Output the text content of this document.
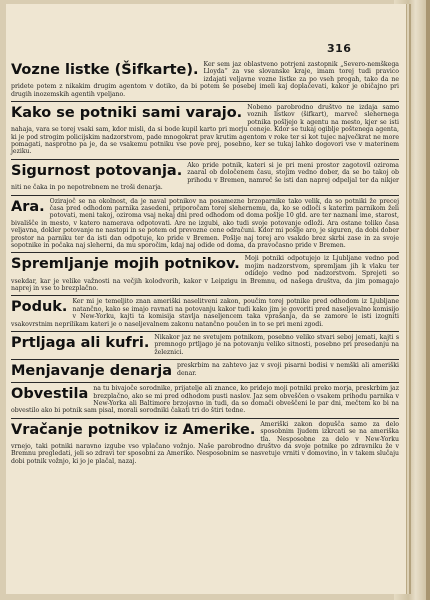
316
Vozne listke (Šifkarte). Ker sem jaz oblastveno potrjeni zastopnik „Severo-nemškega Lloyda“ za vse slovanske kraje, imam torej tudi pravico izdajati veljavne vozne listke za po vseh progah, tako da ne pridete potem z nikakim drugim agentom v dotiko, da bi potem še posebej imeli kaj doplačevati, kakor je običajno pri drugih inozemskih agentih vpeljano.

Kako se potniki sami varajo. Nobeno parobrodno društvo ne izdaja samo voznih listkov (šifkart), marveč slehernega potnika pošljejo k agentu na mesto, kjer se isti nahaja, vara se torej vsaki sam, kdor misli, da si bode kupil karto pri morju ceneje. Kdor se tukaj ogiblje poštenega agenta, ki je pod strogim policijskim nadzorstvom, pade mnogokrat prav krutim agentom v roke ter si kot tujec največkrat ne more pomagati, nasprotno pa je, da se vsakemu potniku vse pove prej, posebno, ker se tukaj lahko dogovori vse v materinem jeziku.

Sigurnost potovanja. Ako pride potnik, kateri si je pri meni prostor zagotovil oziroma zaaral ob določenem času, stojim vedno dober, da se bo takoj ob prihodu v Bremen, namreč še isti dan naprej odpeljal ter da nikjer niti ne čaka in po nepotrebnem ne troši denarja.

Ara. Ozirajoč se na okolnost, da je naval potnikov na posamezne brzoparnike tako velik, da so potniki že precej časa pred odhodom parnika zasedeni, priporočam torej slehernemu, da, ko se odloči s katerim parnikom želi potovati, meni takoj, oziroma vsaj nekaj dni pred odhodom od doma pošlje 10 gld. are ter naznani ime, starost, bivališče in mesto, v katero namerava odpotovati. Are ne izgubi, ako tudi svoje potovanje odloži. Ara ostane toliko časa veljavna, dokler potovanje ne nastopi in se potem od prevozne cene odračuni. Kdor mi pošlje aro, je siguren, da dobi dober prostor na parniku ter da isti dan odpotuje, ko pride v Bremen. Pošlje naj torej aro vsakdo brez skrbi zase in za svoje sopotnike in počaka naj sleherni, da mu sporočim, kdaj naj odide od doma, da pravočasno pride v Bremen.

Spremljanje mojih potnikov. Moji potniki odpotujejo iz Ljubljane vedno pod mojim nadzorstvom, spremljam jih k vlaku ter odidejo vedno pod nadzorstvom. Sprejeti so vsekdar, kar je velike važnosti na večjih kolodvorih, kakor v Leipzigu in Bremnu, od našega društva, da jim pomagajo naprej in vse to brezplačno.

Poduk. Ker mi je temeljito znan ameriški naselitveni zakon, poučim torej potnike pred odhodom iz Ljubljane natančno, kako se imajo ravnati na potovanju kakor tudi kako jim je govoriti pred naseljevalno komisijo v New-Yorku, kajti ta komisija stavlja naseljencem taka vprašanja, da se zamore le isti izogniti vsakovrstnim neprilikam kateri je o naseljevalnem zakonu natančno poučen in to se pri meni zgodi.

Prtljaga ali kufri. Nikakor jaz ne svetujem potnikom, posebno veliko stvari seboj jemati, kajti s premnogo prtljago je na potovanju veliko sitnosti, posebno pri presedanju na železnici.

Menjavanje denarja preskrbim na zahtevo jaz v svoji pisarni bodisi v nemški ali ameriški denar.

Obvestila na tu bivajoče sorodnike, prijatelje ali znance, ko pridejo moji potniki preko morja, preskrbim jaz brezplačno, ako se mi pred odhodom pusti naslov. Jaz sem obveščen o vsakem prihodu parnika v New-Yorka ali Baltimore brzojavno in tudi, da so domači obveščeni le par dni, mečtem ko bi na obvestilo ako bi potnik sam pisal, morali sorodniki čakati tri do štiri tedne.

Vračanje potnikov iz Amerike. Ameriški zakon dopušča samo za delo sposobnim ljudem izkrcati se na ameriška tla. Nesposobne za delo v New-Yorku vrnejo, taki potniki naravno izgube vso vplačano vožnjo. Naše parobrodno društvo da svoje potnike po zdravniku že v Bremnu pregledati, jeli so zdravi ter sposobni za Ameriko. Nesposobnim se nasvetuje vrniti v domovino, in v takem slučaju dobi potnik vožnjo, ki jo je plačal, nazaj.
